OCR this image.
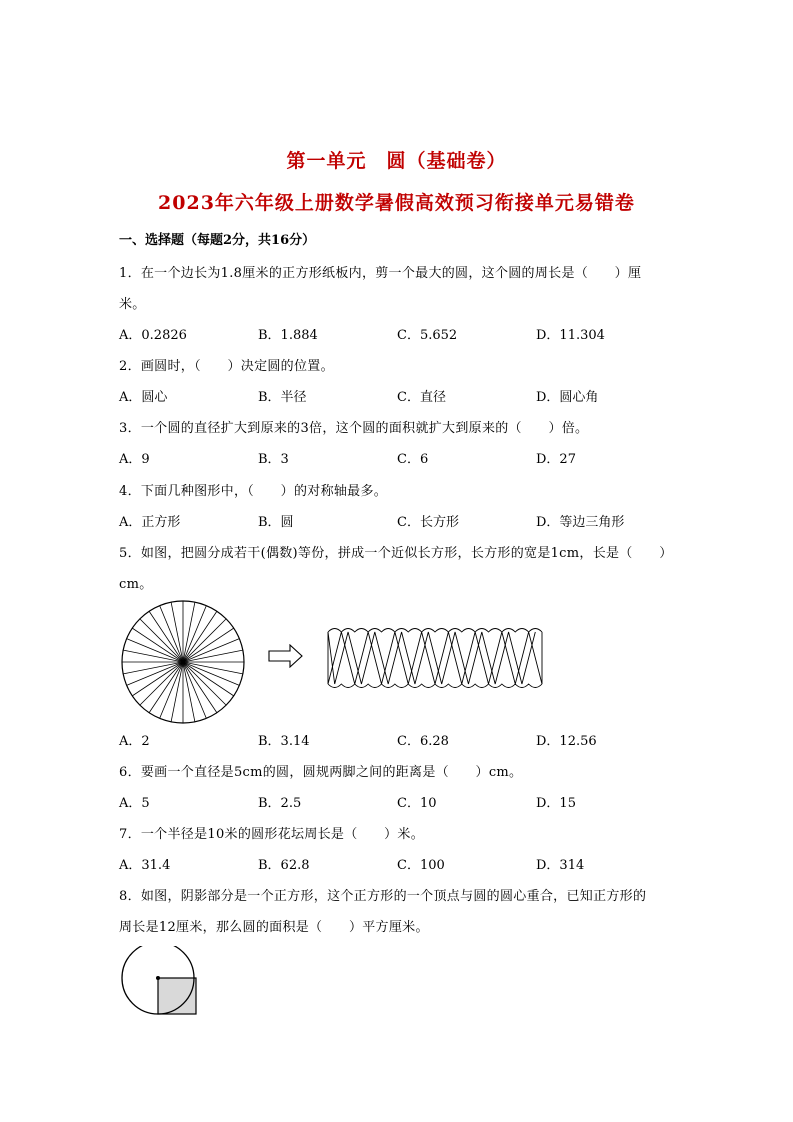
第一单元　圆（基础卷）
2023年六年级上册数学暑假高效预习衔接单元易错卷
一、选择题（每题2分，共16分）
1．在一个边长为1.8厘米的正方形纸板内，剪一个最大的圆，这个圆的周长是（　　）厘
米。
A．0.2826	B．1.884	C．5.652	D．11.304
2．画圆时，（　　）决定圆的位置。
A．圆心	B．半径	C．直径	D．圆心角
3．一个圆的直径扩大到原来的3倍，这个圆的面积就扩大到原来的（　　）倍。
A．9	B．3	C．6	D．27
4．下面几种图形中，（　　）的对称轴最多。
A．正方形	B．圆	C．长方形	D．等边三角形
5．如图，把圆分成若干(偶数)等份，拼成一个近似长方形，长方形的宽是1cm，长是（　　）
cm。
A．2	B．3.14	C．6.28	D．12.56
6．要画一个直径是5cm的圆，圆规两脚之间的距离是（　　）cm。
A．5	B．2.5	C．10	D．15
7．一个半径是10米的圆形花坛周长是（　　）米。
A．31.4	B．62.8	C．100	D．314
8．如图，阴影部分是一个正方形，这个正方形的一个顶点与圆的圆心重合，已知正方形的
周长是12厘米，那么圆的面积是（　　）平方厘米。
